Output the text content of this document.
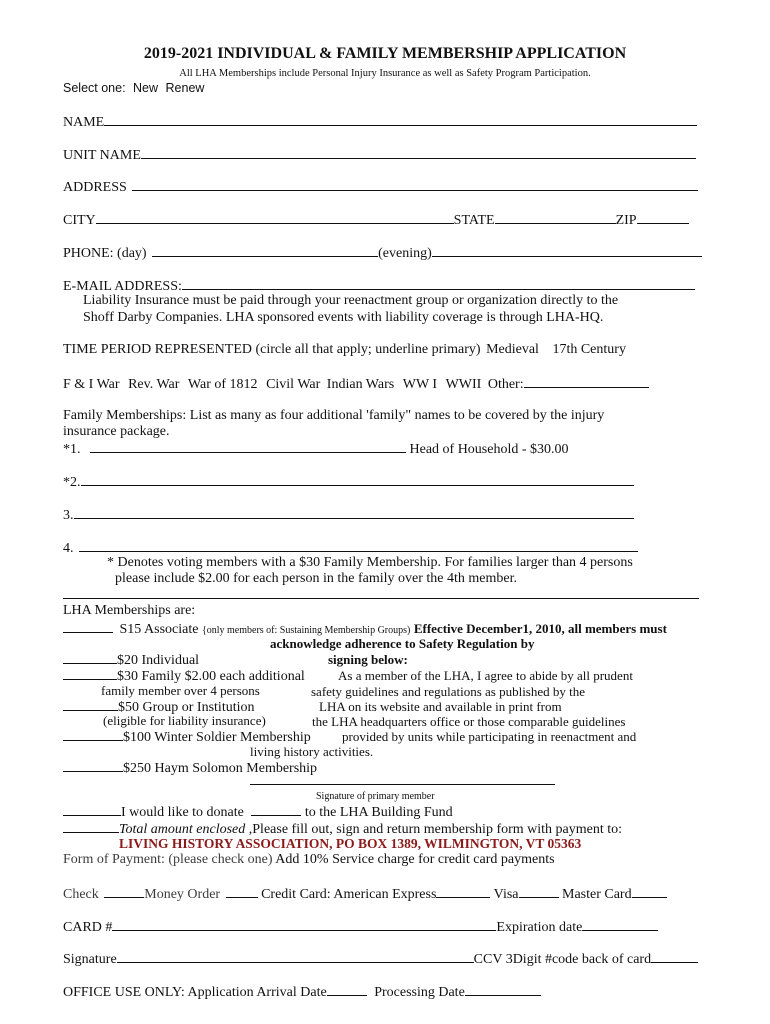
2019-2021 INDIVIDUAL & FAMILY MEMBERSHIP APPLICATION
All LHA Memberships include Personal Injury Insurance as well as Safety Program Participation.
Select one: New Renew
NAME
UNIT NAME
ADDRESS
CITY	STATE	ZIP
PHONE: (day)	(evening)
E-MAIL ADDRESS:
Liability Insurance must be paid through your reenactment group or organization directly to the
Shoff Darby Companies. LHA sponsored events with liability coverage is through LHA-HQ.
TIME PERIOD REPRESENTED (circle all that apply; underline primary) Medieval 17th Century
F & I War Rev. War War of 1812 Civil War Indian Wars WW I WWII Other:
Family Memberships: List as many as four additional 'family" names to be covered by the injury
insurance package.
*1.	Head of Household - $30.00
*2.
3.
4.
* Denotes voting members with a $30 Family Membership. For families larger than 4 persons
please include $2.00 for each person in the family over the 4th member.
LHA Memberships are:
S15 Associate {only members of: Sustaining Membership Groups) Effective December1, 2010, all members must
acknowledge adherence to Safety Regulation by
$20 Individual	signing below:
$30 Family $2.00 each additional
family member over 4 persons
$50 Group or Institution
(eligible for liability insurance)
$100 Winter Soldier Membership
$250 Haym Solomon Membership
As a member of the LHA, I agree to abide by all prudent
safety guidelines and regulations as published by the
LHA on its website and available in print from
the LHA headquarters office or those comparable guidelines
provided by units while participating in reenactment and
living history activities.
Signature of primary member
I would like to donate	to the LHA Building Fund
Total amount enclosed ,Please fill out, sign and return membership form with payment to:
LIVING HISTORY ASSOCIATION, PO BOX 1389, WILMINGTON, VT 05363
Form of Payment: (please check one) Add 10% Service charge for credit card payments
Check	Money Order	Credit Card: American Express	Visa	Master Card
CARD #	Expiration date
Signature	CCV 3Digit #code back of card
OFFICE USE ONLY: Application Arrival Date	Processing Date
